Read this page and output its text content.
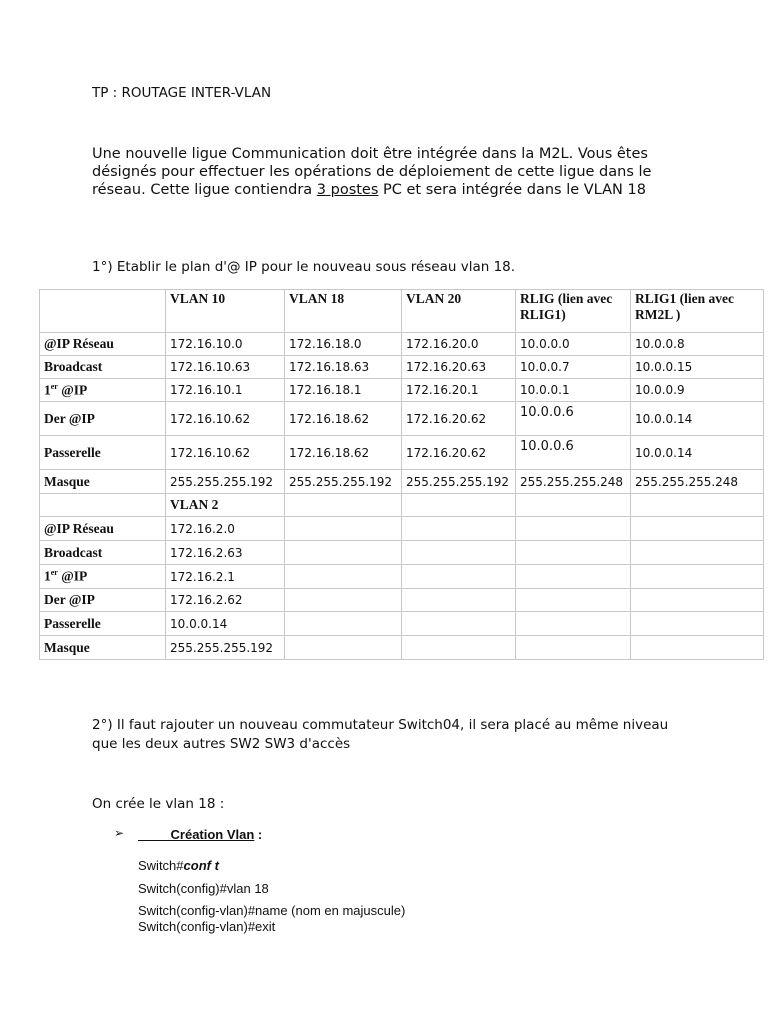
TP : ROUTAGE INTER-VLAN

Une nouvelle ligue Communication doit être intégrée dans la M2L. Vous êtes désignés pour effectuer les opérations de déploiement de cette ligue dans le réseau. Cette ligue contiendra 3 postes PC et sera intégrée dans le VLAN 18

1°) Etablir le plan d'@ IP pour le nouveau sous réseau vlan 18.

	VLAN 10	VLAN 18	VLAN 20	RLIG (lien avec RLIG1)	RLIG1 (lien avec RM2L )
@IP Réseau	172.16.10.0	172.16.18.0	172.16.20.0	10.0.0.0	10.0.0.8
Broadcast	172.16.10.63	172.16.18.63	172.16.20.63	10.0.0.7	10.0.0.15
1er @IP	172.16.10.1	172.16.18.1	172.16.20.1	10.0.0.1	10.0.0.9
Der @IP	172.16.10.62	172.16.18.62	172.16.20.62	10.0.0.6	10.0.0.14
Passerelle	172.16.10.62	172.16.18.62	172.16.20.62	10.0.0.6	10.0.0.14
Masque	255.255.255.192	255.255.255.192	255.255.255.192	255.255.255.248	255.255.255.248
	VLAN 2				
@IP Réseau	172.16.2.0				
Broadcast	172.16.2.63				
1er @IP	172.16.2.1				
Der @IP	172.16.2.62				
Passerelle	10.0.0.14				
Masque	255.255.255.192				

2°) Il faut rajouter un nouveau commutateur Switch04, il sera placé au même niveau que les deux autres SW2 SW3 d'accès

On crée le vlan 18 :

➢	Création Vlan :

Switch#conf t

Switch(config)#vlan 18

Switch(config-vlan)#name (nom en majuscule)

Switch(config-vlan)#exit
